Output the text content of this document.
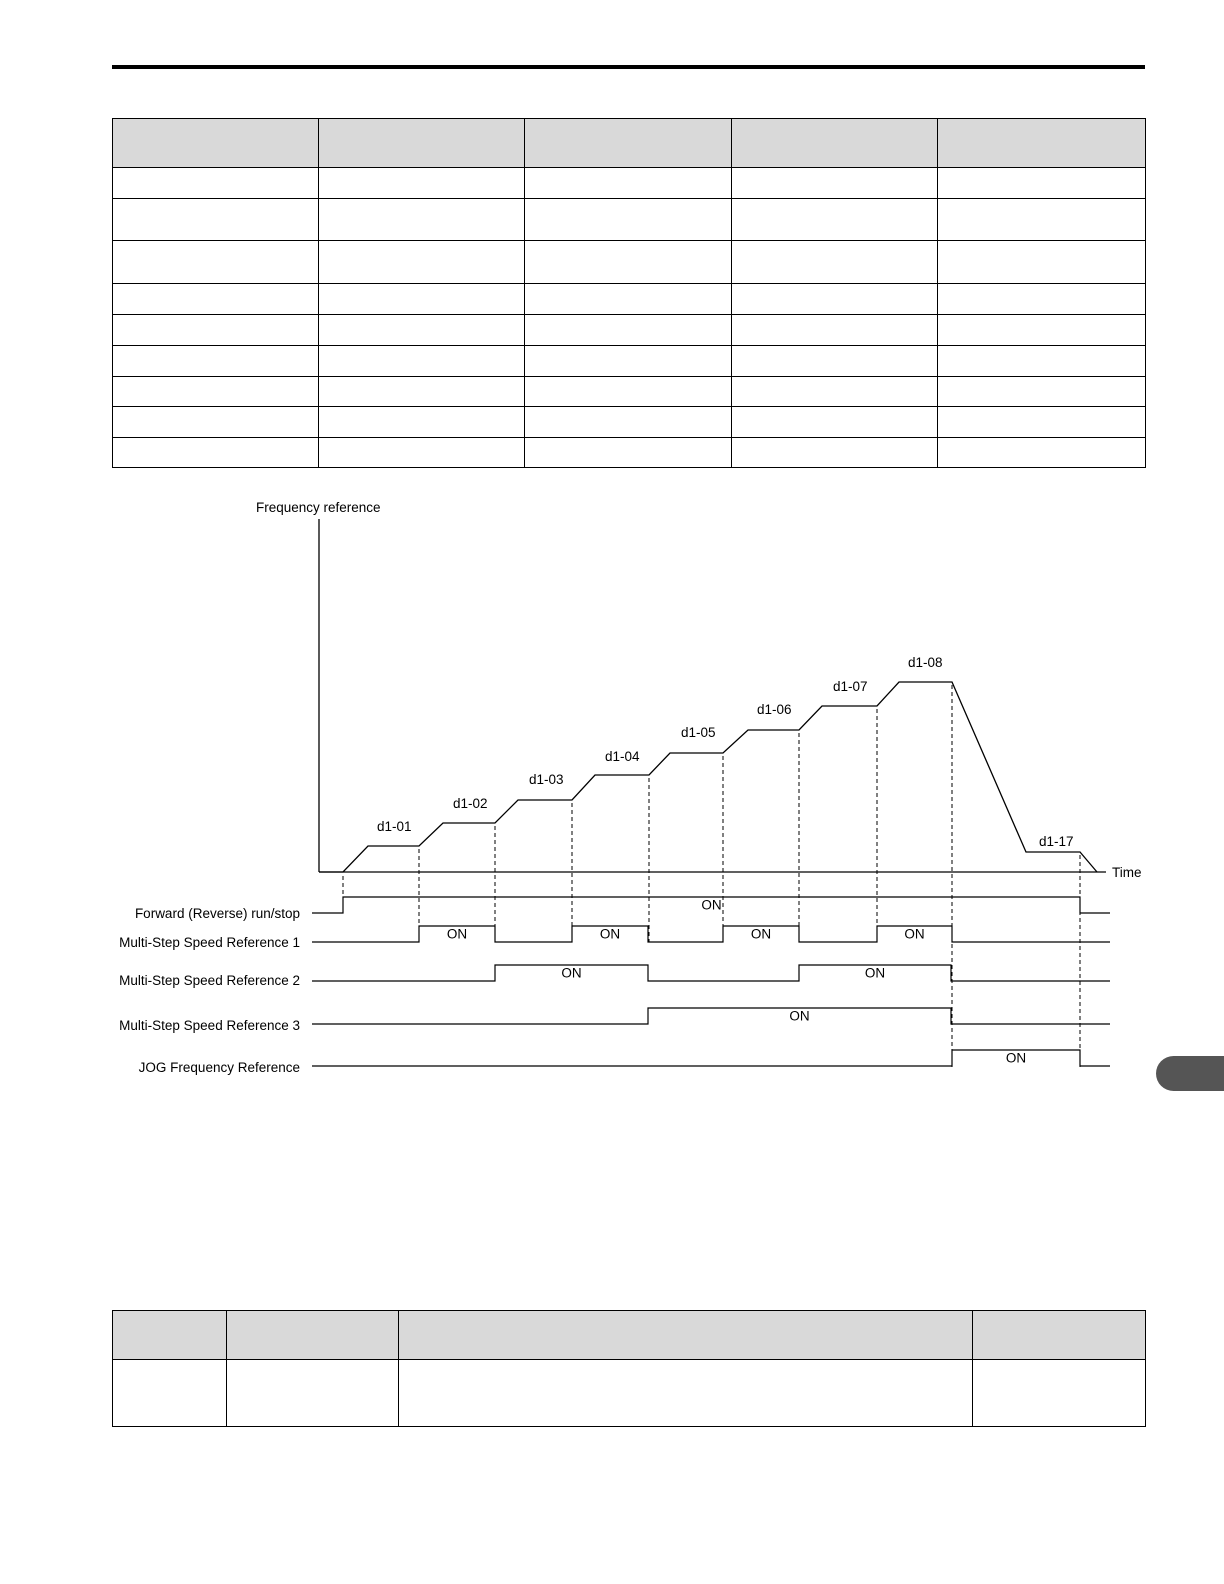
Frequency reference
Time
d1-01
d1-02
d1-03
d1-04
d1-05
d1-06
d1-07
d1-08
d1-17
Forward (Reverse) run/stop
ON
Multi-Step Speed Reference 1
ON	ON	ON	ON
Multi-Step Speed Reference 2	ON	ON
Multi-Step Speed Reference 3
ON
JOG Frequency Reference
ON
